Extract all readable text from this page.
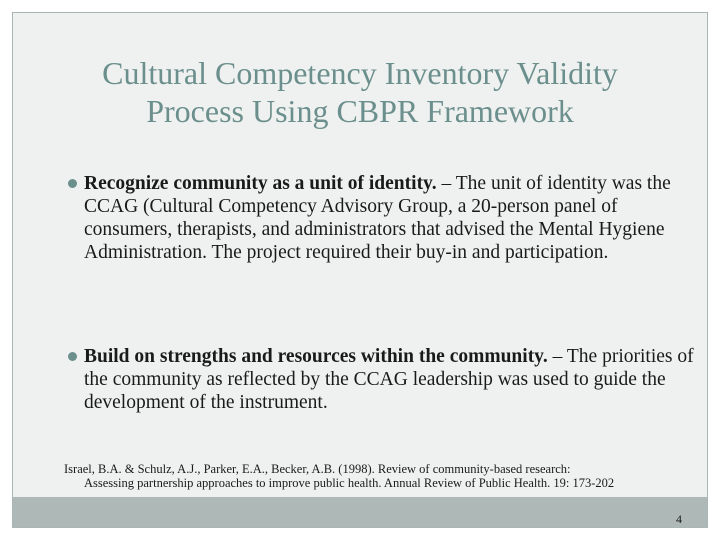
Cultural Competency Inventory Validity
Process Using CBPR Framework
Recognize community as a unit of identity. – The unit of identity was the CCAG (Cultural Competency Advisory Group, a 20-person panel of consumers, therapists, and administrators that advised the Mental Hygiene Administration. The project required their buy-in and participation.
Build on strengths and resources within the community. – The priorities of the community as reflected by the CCAG leadership was used to guide the development of the instrument.
Israel, B.A. & Schulz, A.J., Parker, E.A., Becker, A.B. (1998). Review of community-based research:
Assessing partnership approaches to improve public health. Annual Review of Public Health. 19: 173-202
4
